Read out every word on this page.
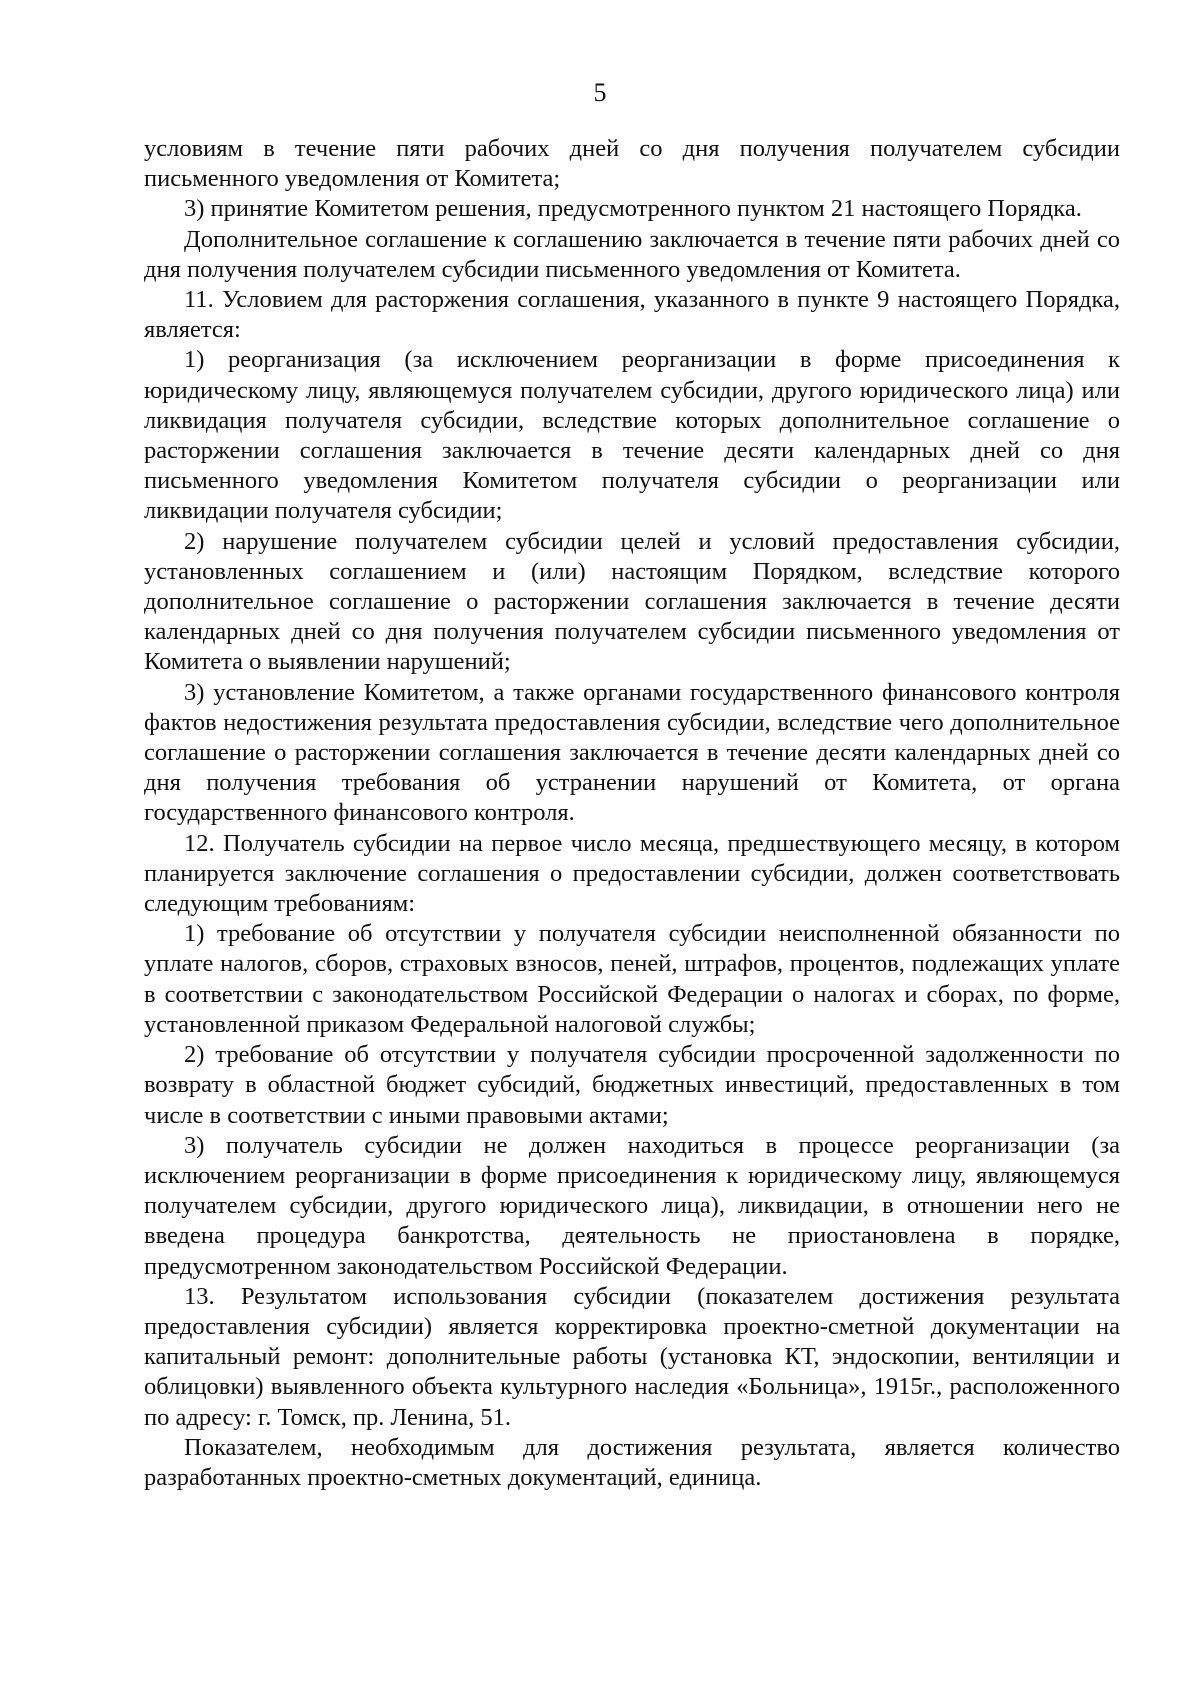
5

условиям в течение пяти рабочих дней со дня получения получателем субсидии письменного уведомления от Комитета;

3) принятие Комитетом решения, предусмотренного пунктом 21 настоящего Порядка.

Дополнительное соглашение к соглашению заключается в течение пяти рабочих дней со дня получения получателем субсидии письменного уведомления от Комитета.

11. Условием для расторжения соглашения, указанного в пункте 9 настоящего Порядка, является:

1) реорганизация (за исключением реорганизации в форме присоединения к юридическому лицу, являющемуся получателем субсидии, другого юридического лица) или ликвидация получателя субсидии, вследствие которых дополнительное соглашение о расторжении соглашения заключается в течение десяти календарных дней со дня письменного уведомления Комитетом получателя субсидии о реорганизации или ликвидации получателя субсидии;

2) нарушение получателем субсидии целей и условий предоставления субсидии, установленных соглашением и (или) настоящим Порядком, вследствие которого дополнительное соглашение о расторжении соглашения заключается в течение десяти календарных дней со дня получения получателем субсидии письменного уведомления от Комитета о выявлении нарушений;

3) установление Комитетом, а также органами государственного финансового контроля фактов недостижения результата предоставления субсидии, вследствие чего дополнительное соглашение о расторжении соглашения заключается в течение десяти календарных дней со дня получения требования об устранении нарушений от Комитета, от органа государственного финансового контроля.

12. Получатель субсидии на первое число месяца, предшествующего месяцу, в котором планируется заключение соглашения о предоставлении субсидии, должен соответствовать следующим требованиям:

1) требование об отсутствии у получателя субсидии неисполненной обязанности по уплате налогов, сборов, страховых взносов, пеней, штрафов, процентов, подлежащих уплате в соответствии с законодательством Российской Федерации о налогах и сборах, по форме, установленной приказом Федеральной налоговой службы;

2) требование об отсутствии у получателя субсидии просроченной задолженности по возврату в областной бюджет субсидий, бюджетных инвестиций, предоставленных в том числе в соответствии с иными правовыми актами;

3) получатель субсидии не должен находиться в процессе реорганизации (за исключением реорганизации в форме присоединения к юридическому лицу, являющемуся получателем субсидии, другого юридического лица), ликвидации, в отношении него не введена процедура банкротства, деятельность не приостановлена в порядке, предусмотренном законодательством Российской Федерации.

13. Результатом использования субсидии (показателем достижения результата предоставления субсидии) является корректировка проектно-сметной документации на капитальный ремонт: дополнительные работы (установка КТ, эндоскопии, вентиляции и облицовки) выявленного объекта культурного наследия «Больница», 1915г., расположенного по адресу: г. Томск, пр. Ленина, 51.

Показателем, необходимым для достижения результата, является количество разработанных проектно-сметных документаций, единица.
